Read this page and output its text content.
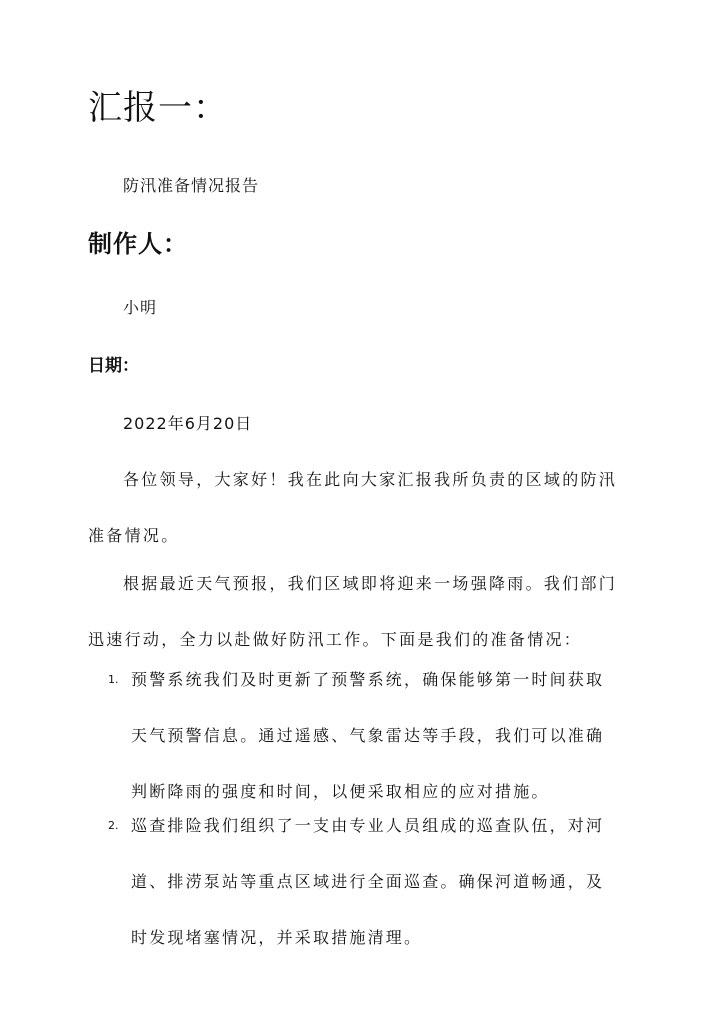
汇报一：
防汛准备情况报告
制作人：
小明
日期：
2022年6月20日

各位领导，大家好！我在此向大家汇报我所负责的区域的防汛准备情况。

根据最近天气预报，我们区域即将迎来一场强降雨。我们部门迅速行动，全力以赴做好防汛工作。下面是我们的准备情况：

1. 预警系统我们及时更新了预警系统，确保能够第一时间获取

天气预警信息。通过遥感、气象雷达等手段，我们可以准确

判断降雨的强度和时间，以便采取相应的应对措施。

2. 巡查排险我们组织了一支由专业人员组成的巡查队伍，对河

道、排涝泵站等重点区域进行全面巡查。确保河道畅通，及

时发现堵塞情况，并采取措施清理。
